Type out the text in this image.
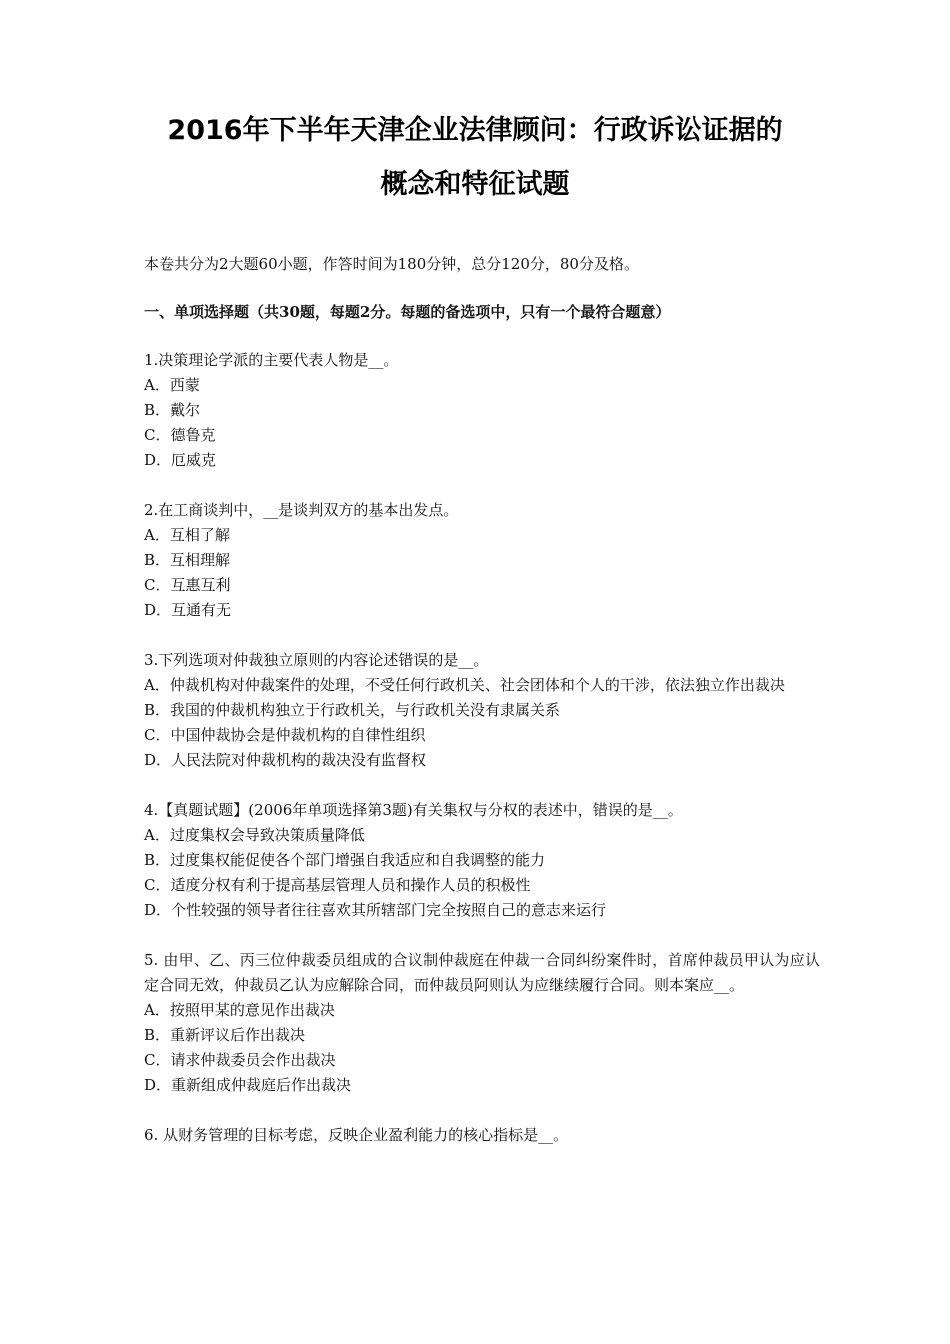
2016年下半年天津企业法律顾问：行政诉讼证据的
概念和特征试题
本卷共分为2大题60小题，作答时间为180分钟，总分120分，80分及格。
一、单项选择题（共30题，每题2分。每题的备选项中，只有一个最符合题意）
1.决策理论学派的主要代表人物是__。
A．西蒙
B．戴尔
C．德鲁克
D．厄威克
2.在工商谈判中，__是谈判双方的基本出发点。
A．互相了解
B．互相理解
C．互惠互利
D．互通有无
3.下列选项对仲裁独立原则的内容论述错误的是__。
A．仲裁机构对仲裁案件的处理，不受任何行政机关、社会团体和个人的干涉，依法独立作出裁决
B．我国的仲裁机构独立于行政机关，与行政机关没有隶属关系
C．中国仲裁协会是仲裁机构的自律性组织
D．人民法院对仲裁机构的裁决没有监督权
4.【真题试题】(2006年单项选择第3题)有关集权与分权的表述中，错误的是__。
A．过度集权会导致决策质量降低
B．过度集权能促使各个部门增强自我适应和自我调整的能力
C．适度分权有利于提高基层管理人员和操作人员的积极性
D．个性较强的领导者往往喜欢其所辖部门完全按照自己的意志来运行
5. 由甲、乙、丙三位仲裁委员组成的合议制仲裁庭在仲裁一合同纠纷案件时，首席仲裁员甲认为应认定合同无效，仲裁员乙认为应解除合同，而仲裁员阿则认为应继续履行合同。则本案应__。
A．按照甲某的意见作出裁决
B．重新评议后作出裁决
C．请求仲裁委员会作出裁决
D．重新组成仲裁庭后作出裁决
6. 从财务管理的目标考虑，反映企业盈利能力的核心指标是__。
